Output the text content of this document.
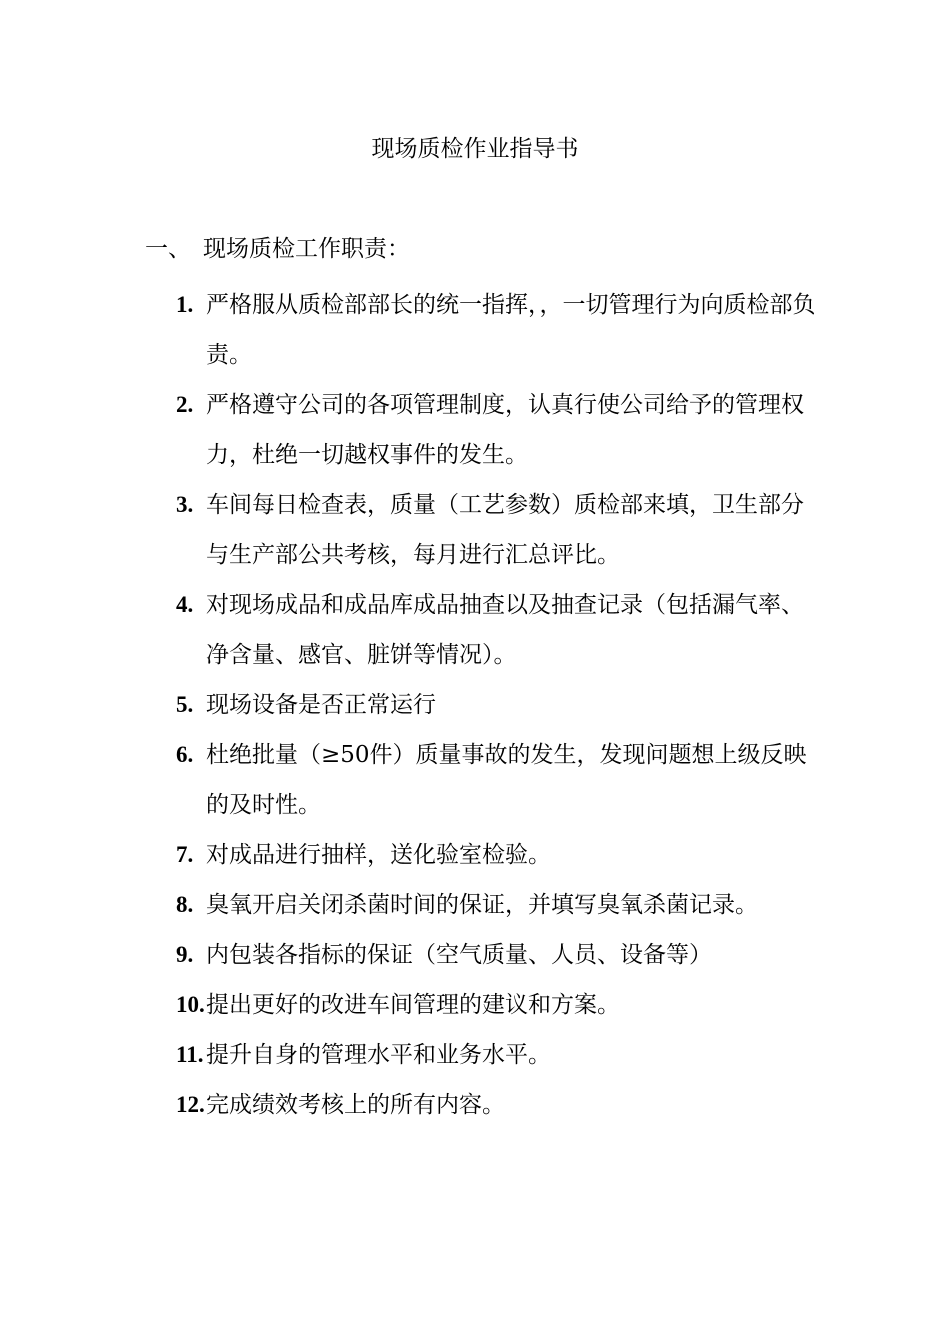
现场质检作业指导书
一、 现场质检工作职责：
1. 严格服从质检部部长的统一指挥，，一切管理行为向质检部负责。
2. 严格遵守公司的各项管理制度，认真行使公司给予的管理权力，杜绝一切越权事件的发生。
3. 车间每日检查表，质量（工艺参数）质检部来填，卫生部分与生产部公共考核，每月进行汇总评比。
4. 对现场成品和成品库成品抽查以及抽查记录（包括漏气率、净含量、感官、脏饼等情况）。
5. 现场设备是否正常运行
6. 杜绝批量（≥50件）质量事故的发生，发现问题想上级反映的及时性。
7. 对成品进行抽样，送化验室检验。
8. 臭氧开启关闭杀菌时间的保证，并填写臭氧杀菌记录。
9. 内包装各指标的保证（空气质量、人员、设备等）
10. 提出更好的改进车间管理的建议和方案。
11. 提升自身的管理水平和业务水平。
12. 完成绩效考核上的所有内容。
